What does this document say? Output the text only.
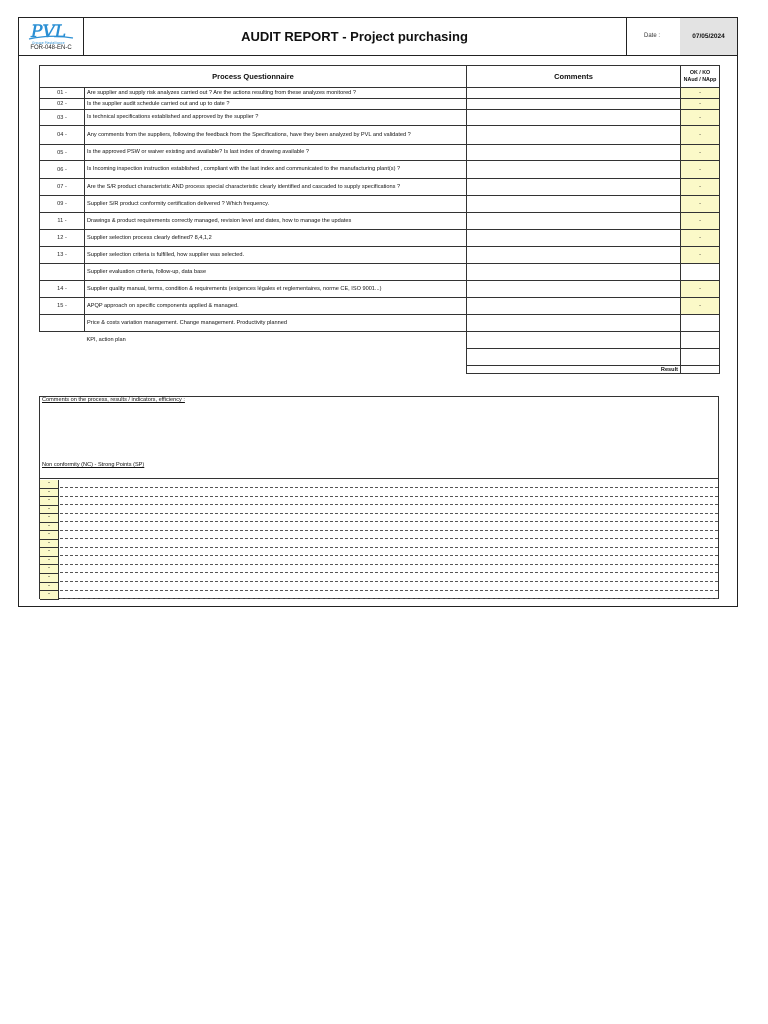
PVL
Groupe Plastalliance
FOR-048-EN-C
AUDIT REPORT - Project purchasing	Date :	07/05/2024
Process Questionnaire		Comments	OK / KO
NAud / NApp
01 -	Are supplier and supply risk analyzes carried out ? Are the actions resulting from these analyzes monitored ?		-
02 -	Is the supplier audit schedule carried out and up to date ?		-
03 -	Is technical specifications established and approved by the supplier ?		-
04 -	Any comments from the suppliers, following the feedback from the Specifications, have they been analyzed by PVL and validated ?		-
05 -	Is the approved PSW or waiver existing and available? Is last index of drawing available ?		-
06 -	Is Incoming inspection instruction established , compliant with the last index and communicated to the manufacturing plant(s) ?		-
07 -	Are the S/R product characteristic AND process special characteristic clearly identified and cascaded to supply specifications ?		-
09 -	Supplier S/R product conformity certification delivered ? Which frequency.		-
11 -	Drawings & product requirements correctly managed, revision level and dates, how to manage the updates		-
12 -	Supplier selection process clearly defined? 8,4,1,2		-
13 -	Supplier selection criteria is fulfilled, how supplier was selected.		-
	Supplier evaluation criteria, follow-up, data base		
14 -	Supplier quality manual, terms, condition & requirements (exigences légales et reglementaires, norme CE, ISO 9001...)		-
15 -	APQP approach on specific components applied & managed.		-
	Price & costs variation management. Change management. Productivity planned		
	KPI, action plan		

		Result	
Comments on the process, results / indicators, efficiency :
Non conformity (NC) - Strong Points (SP)
-
-
-
-
-
-
-
-
-
-
-
-
-
-
